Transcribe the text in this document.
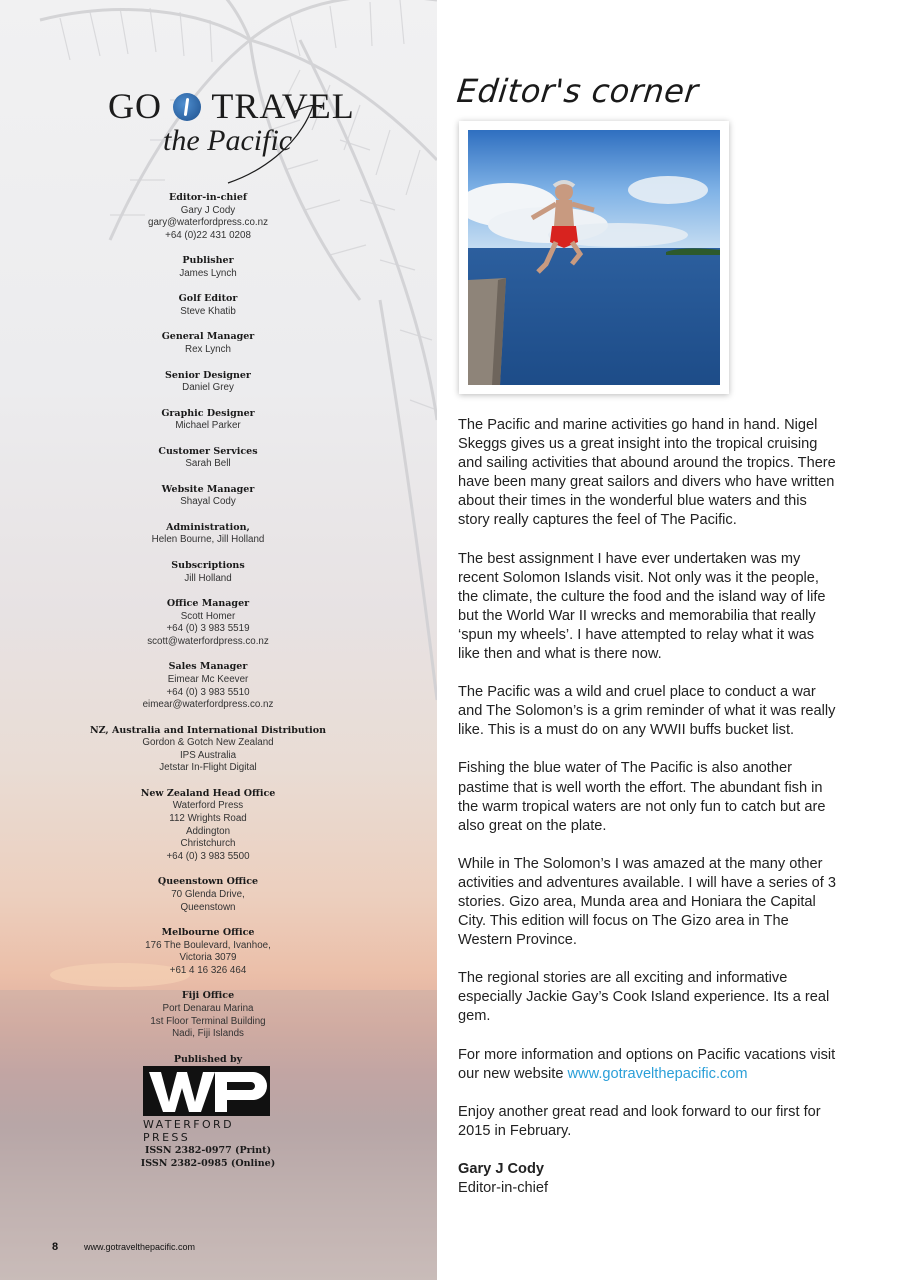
GO TRAVEL
the Pacific
Editor-in-chief
Gary J Cody
gary@waterfordpress.co.nz
+64 (0)22 431 0208
Publisher
James Lynch
Golf Editor
Steve Khatib
General Manager
Rex Lynch
Senior Designer
Daniel Grey
Graphic Designer
Michael Parker
Customer Services
Sarah Bell
Website Manager
Shayal Cody
Administration,
Helen Bourne, Jill Holland
Subscriptions
Jill Holland
Office Manager
Scott Homer
+64 (0) 3 983 5519
scott@waterfordpress.co.nz
Sales Manager
Eimear Mc Keever
+64 (0) 3 983 5510
eimear@waterfordpress.co.nz
NZ, Australia and International Distribution
Gordon & Gotch New Zealand
IPS Australia
Jetstar In-Flight Digital
New Zealand Head Office
Waterford Press
112 Wrights Road
Addington
Christchurch
+64 (0) 3 983 5500
Queenstown Office
70 Glenda Drive,
Queenstown
Melbourne Office
176 The Boulevard, Ivanhoe,
Victoria 3079
+61 4 16 326 464
Fiji Office
Port Denarau Marina
1st Floor Terminal Building
Nadi, Fiji Islands
Published by
WATERFORD PRESS
ISSN 2382-0977 (Print)
ISSN 2382-0985 (Online)
8	www.gotravelthepacific.com
Editor's corner

The Pacific and marine activities go hand in hand. Nigel Skeggs gives us a great insight into the tropical cruising and sailing activities that abound around the tropics. There have been many great sailors and divers who have written about their times in the wonderful blue waters and this story really captures the feel of The Pacific.

The best assignment I have ever undertaken was my recent Solomon Islands visit. Not only was it the people, the climate, the culture the food and the island way of life but the World War II wrecks and memorabilia that really ‘spun my wheels’. I have attempted to relay what it was like then and what is there now.

The Pacific was a wild and cruel place to conduct a war and The Solomon’s is a grim reminder of what it was really like. This is a must do on any WWII buffs bucket list.

Fishing the blue water of The Pacific is also another pastime that is well worth the effort. The abundant fish in the warm tropical waters are not only fun to catch but are also great on the plate.

While in The Solomon’s I was amazed at the many other activities and adventures available. I will have a series of 3 stories. Gizo area, Munda area and Honiara the Capital City. This edition will focus on The Gizo area in The Western Province.

The regional stories are all exciting and informative especially Jackie Gay’s Cook Island experience. Its a real gem.

For more information and options on Pacific vacations visit our new website www.gotravelthepacific.com

Enjoy another great read and look forward to our first for 2015 in February.

Gary J Cody
Editor-in-chief
